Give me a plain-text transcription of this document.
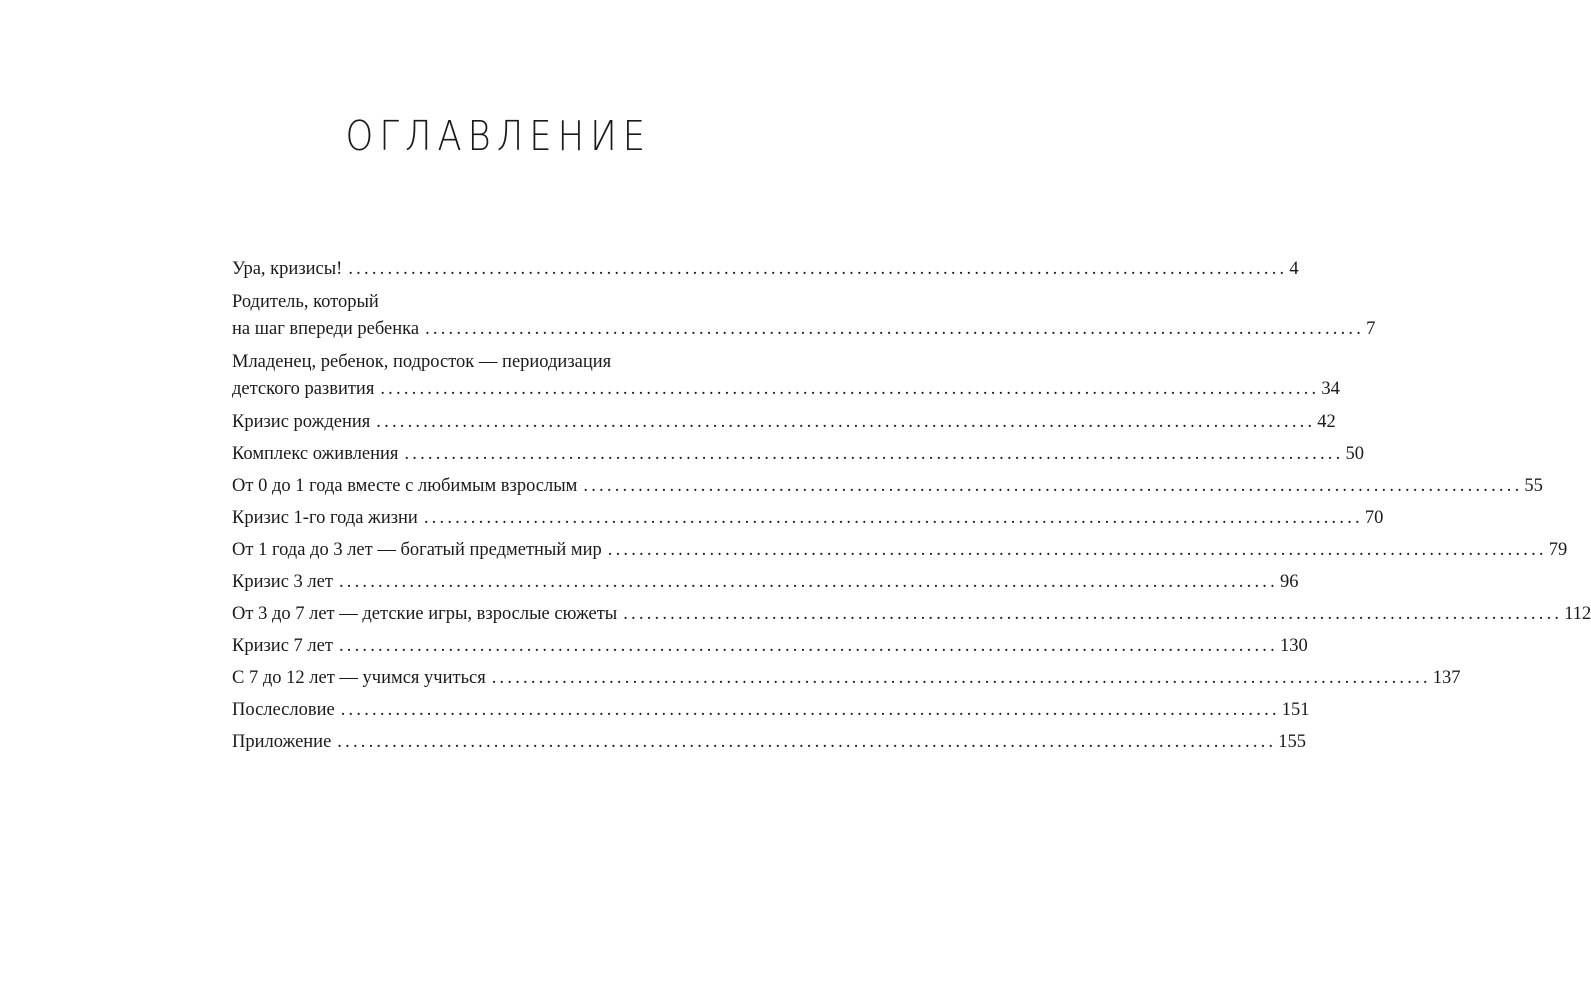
ОГЛАВЛЕНИЕ
Ура, кризисы! ........................................................................................................................ 4
Родитель, который
на шаг впереди ребенка ........................................................................................................................ 7
Младенец, ребенок, подросток — периодизация
детского развития ........................................................................................................................ 34
Кризис рождения ........................................................................................................................ 42
Комплекс оживления ........................................................................................................................ 50
От 0 до 1 года вместе с любимым взрослым ........................................................................................................................ 55
Кризис 1-го года жизни ........................................................................................................................ 70
От 1 года до 3 лет — богатый предметный мир ........................................................................................................................ 79
Кризис 3 лет ........................................................................................................................ 96
От 3 до 7 лет — детские игры, взрослые сюжеты ........................................................................................................................ 112
Кризис 7 лет ........................................................................................................................ 130
С 7 до 12 лет — учимся учиться ........................................................................................................................ 137
Послесловие ........................................................................................................................ 151
Приложение ........................................................................................................................ 155
